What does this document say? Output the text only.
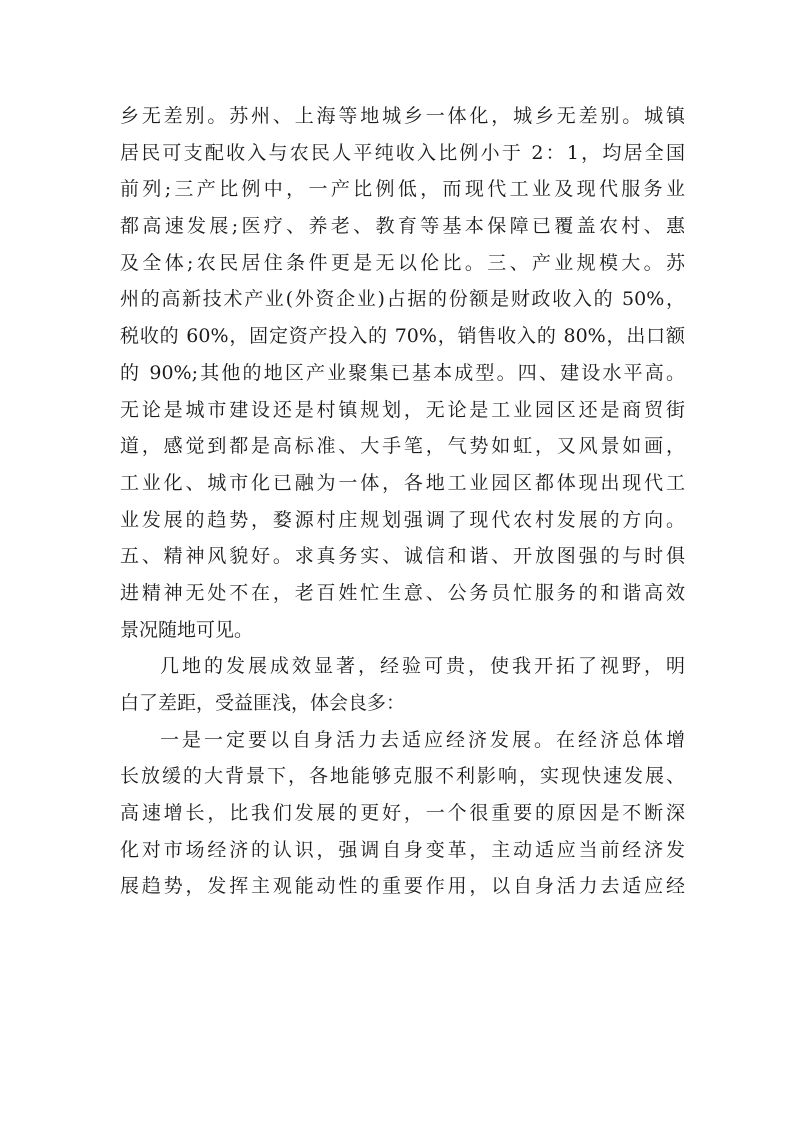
乡无差别。苏州、上海等地城乡一体化，城乡无差别。城镇
居民可支配收入与农民人平纯收入比例小于 2：1，均居全国
前列;三产比例中，一产比例低，而现代工业及现代服务业
都高速发展;医疗、养老、教育等基本保障已覆盖农村、惠
及全体;农民居住条件更是无以伦比。三、产业规模大。苏
州的高新技术产业(外资企业)占据的份额是财政收入的 50%，
税收的 60%，固定资产投入的 70%，销售收入的 80%，出口额
的 90%;其他的地区产业聚集已基本成型。四、建设水平高。
无论是城市建设还是村镇规划，无论是工业园区还是商贸街
道，感觉到都是高标准、大手笔，气势如虹，又风景如画，
工业化、城市化已融为一体，各地工业园区都体现出现代工
业发展的趋势，婺源村庄规划强调了现代农村发展的方向。
五、精神风貌好。求真务实、诚信和谐、开放图强的与时俱
进精神无处不在，老百姓忙生意、公务员忙服务的和谐高效
景况随地可见。
几地的发展成效显著，经验可贵，使我开拓了视野，明
白了差距，受益匪浅，体会良多：
一是一定要以自身活力去适应经济发展。在经济总体增
长放缓的大背景下，各地能够克服不利影响，实现快速发展、
高速增长，比我们发展的更好，一个很重要的原因是不断深
化对市场经济的认识，强调自身变革，主动适应当前经济发
展趋势，发挥主观能动性的重要作用，以自身活力去适应经
